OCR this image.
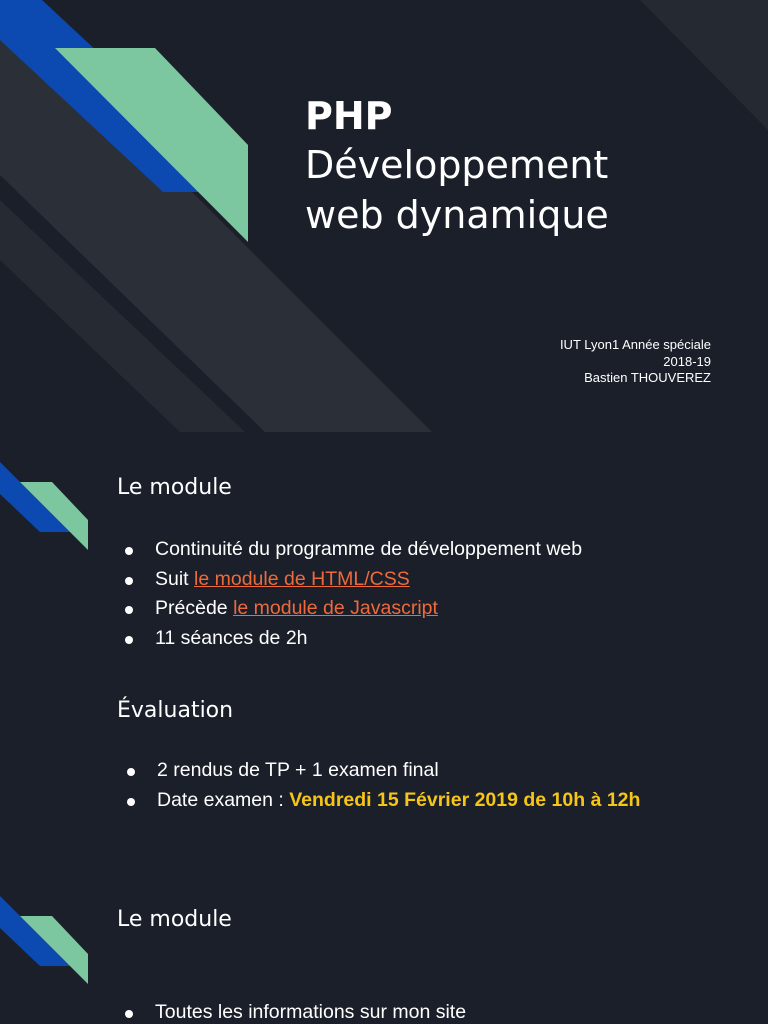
PHP
Développement
web dynamique
IUT Lyon1 Année spéciale
2018-19
Bastien THOUVEREZ
Le module
Continuité du programme de développement web
Suit le module de HTML/CSS
Précède le module de Javascript
11 séances de 2h
Évaluation
2 rendus de TP + 1 examen final
Date examen : Vendredi 15 Février 2019 de 10h à 12h
Le module
Toutes les informations sur mon site
